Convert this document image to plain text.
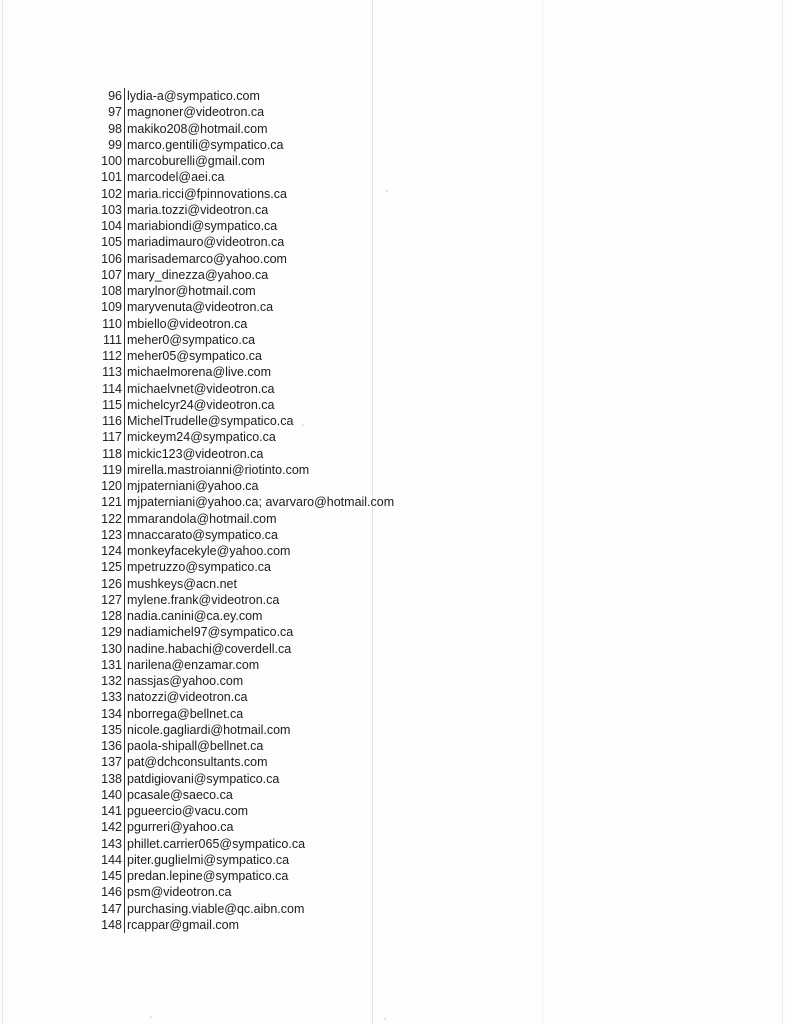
96 lydia-a@sympatico.com
97 magnoner@videotron.ca
98 makiko208@hotmail.com
99 marco.gentili@sympatico.ca
100 marcoburelli@gmail.com
101 marcodel@aei.ca
102 maria.ricci@fpinnovations.ca
103 maria.tozzi@videotron.ca
104 mariabiondi@sympatico.ca
105 mariadimauro@videotron.ca
106 marisademarco@yahoo.com
107 mary_dinezza@yahoo.ca
108 marylnor@hotmail.com
109 maryvenuta@videotron.ca
110 mbiello@videotron.ca
111 meher0@sympatico.ca
112 meher05@sympatico.ca
113 michaelmorena@live.com
114 michaelvnet@videotron.ca
115 michelcyr24@videotron.ca
116 MichelTrudelle@sympatico.ca
117 mickeym24@sympatico.ca
118 mickic123@videotron.ca
119 mirella.mastroianni@riotinto.com
120 mjpaterniani@yahoo.ca
121 mjpaterniani@yahoo.ca; avarvaro@hotmail.com
122 mmarandola@hotmail.com
123 mnaccarato@sympatico.ca
124 monkeyfacekyle@yahoo.com
125 mpetruzzo@sympatico.ca
126 mushkeys@acn.net
127 mylene.frank@videotron.ca
128 nadia.canini@ca.ey.com
129 nadiamichel97@sympatico.ca
130 nadine.habachi@coverdell.ca
131 narilena@enzamar.com
132 nassjas@yahoo.com
133 natozzi@videotron.ca
134 nborrega@bellnet.ca
135 nicole.gagliardi@hotmail.com
136 paola-shipall@bellnet.ca
137 pat@dchconsultants.com
138 patdigiovani@sympatico.ca
140 pcasale@saeco.ca
141 pgueercio@vacu.com
142 pgurreri@yahoo.ca
143 phillet.carrier065@sympatico.ca
144 piter.guglielmi@sympatico.ca
145 predan.lepine@sympatico.ca
146 psm@videotron.ca
147 purchasing.viable@qc.aibn.com
148 rcappar@gmail.com
